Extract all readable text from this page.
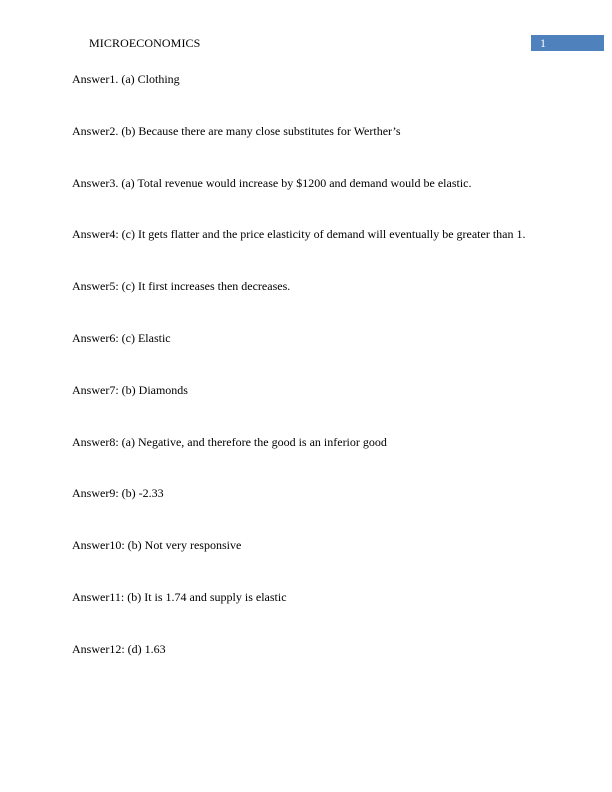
MICROECONOMICS	1
Answer1. (a) Clothing
Answer2. (b) Because there are many close substitutes for Werther’s
Answer3. (a) Total revenue would increase by $1200 and demand would be elastic.
Answer4: (c) It gets flatter and the price elasticity of demand will eventually be greater than 1.
Answer5: (c) It first increases then decreases.
Answer6: (c) Elastic
Answer7: (b) Diamonds
Answer8: (a) Negative, and therefore the good is an inferior good
Answer9: (b) -2.33
Answer10: (b) Not very responsive
Answer11: (b) It is 1.74 and supply is elastic
Answer12: (d) 1.63
